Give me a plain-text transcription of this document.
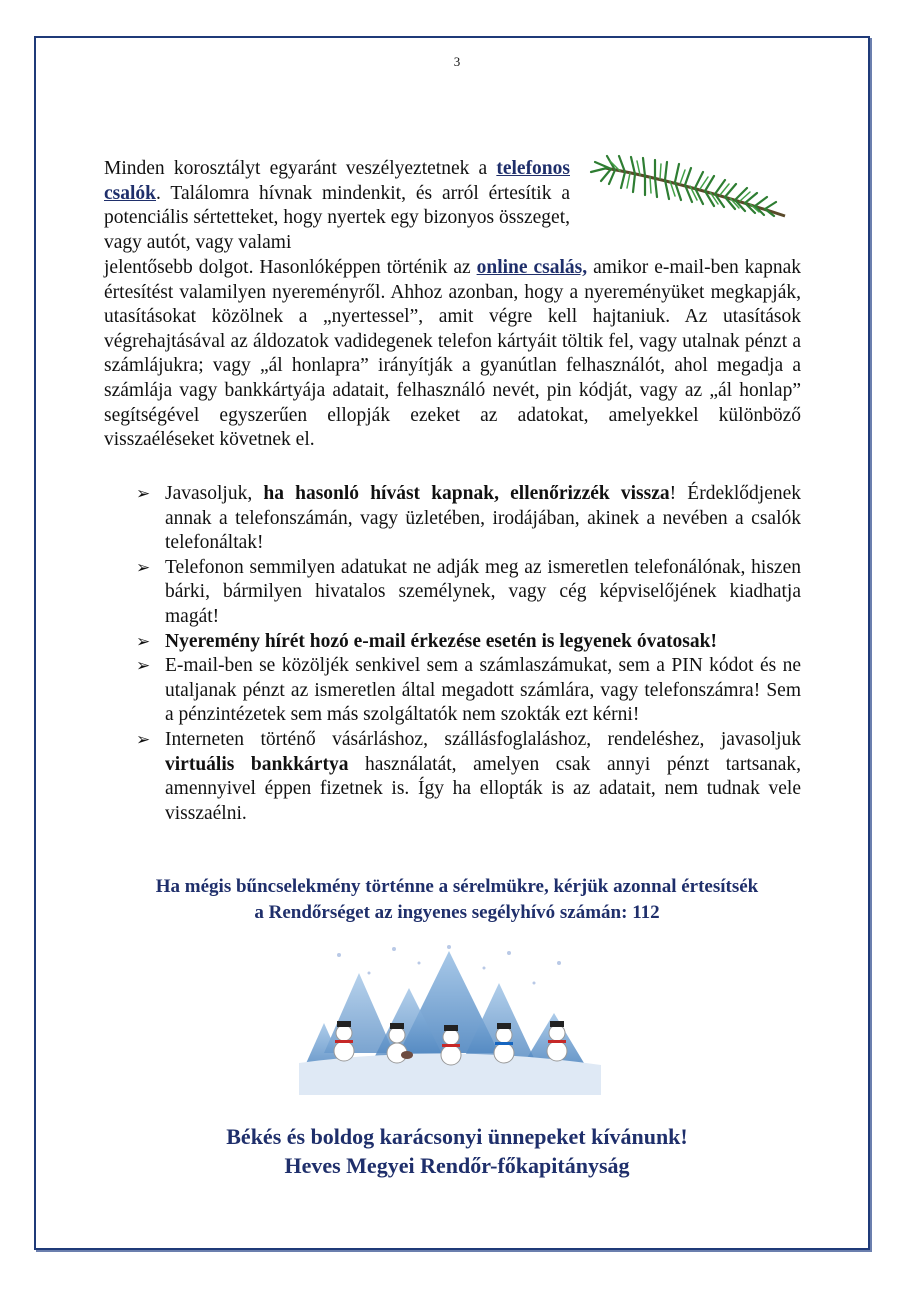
3
Minden korosztályt egyaránt veszélyeztetnek a telefonos csalók. Találomra hívnak mindenkit, és arról értesítik a potenciális sértetteket, hogy nyertek egy bizonyos összeget, vagy autót, vagy valami
jelentősebb dolgot. Hasonlóképpen történik az online csalás, amikor e-mail-ben kapnak értesítést valamilyen nyereményről. Ahhoz azonban, hogy a nyereményüket megkapják, utasításokat közölnek a „nyertessel”, amit végre kell hajtaniuk. Az utasítások végrehajtásával az áldozatok vadidegenek telefon kártyáit töltik fel, vagy utalnak pénzt a számlájukra; vagy „ál honlapra” irányítják a gyanútlan felhasználót, ahol megadja a számlája vagy bankkártyája adatait, felhasználó nevét, pin kódját, vagy az „ál honlap” segítségével egyszerűen ellopják ezeket az adatokat, amelyekkel különböző visszaéléseket követnek el.
➢ Javasoljuk, ha hasonló hívást kapnak, ellenőrizzék vissza! Érdeklődjenek annak a telefonszámán, vagy üzletében, irodájában, akinek a nevében a csalók telefonáltak!
➢ Telefonon semmilyen adatukat ne adják meg az ismeretlen telefonálónak, hiszen bárki, bármilyen hivatalos személynek, vagy cég képviselőjének kiadhatja magát!
➢ Nyeremény hírét hozó e-mail érkezése esetén is legyenek óvatosak!
➢ E-mail-ben se közöljék senkivel sem a számlaszámukat, sem a PIN kódot és ne utaljanak pénzt az ismeretlen által megadott számlára, vagy telefonszámra! Sem a pénzintézetek sem más szolgáltatók nem szokták ezt kérni!
➢ Interneten történő vásárláshoz, szállásfoglaláshoz, rendeléshez, javasoljuk virtuális bankkártya használatát, amelyen csak annyi pénzt tartsanak, amennyivel éppen fizetnek is. Így ha ellopták is az adatait, nem tudnak vele visszaélni.
Ha mégis bűncselekmény történne a sérelmükre, kérjük azonnal értesítsék
a Rendőrséget az ingyenes segélyhívó számán: 112
Békés és boldog karácsonyi ünnepeket kívánunk!
Heves Megyei Rendőr-főkapitányság
